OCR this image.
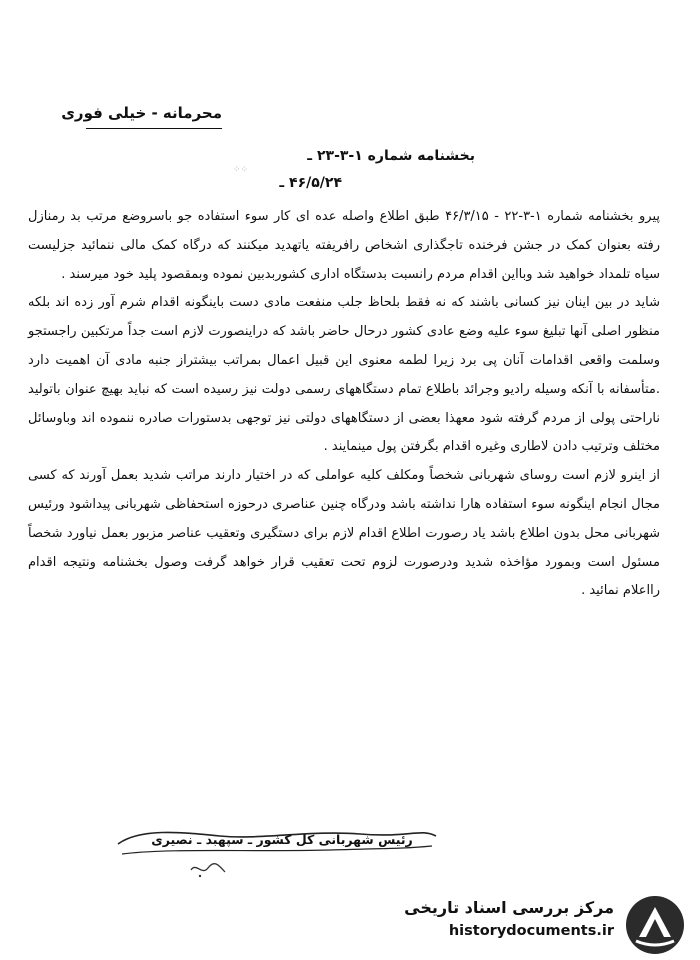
محرمانه - خیلی فوری
بخشنامه شماره ۱-۳-۲۳ ـ
۴۶/۵/۲۴ ـ
⁘⁘

پیرو بخشنامه شماره ۱-۳-۲۲ - ۴۶/۳/۱۵ طبق اطلاع واصله عده ای کار سوء استفاده جو باسروضع مرتب بد رمنازل رفته بعنوان کمک در جشن فرخنده تاجگذاری اشخاص رافریفته یاتهدید میکنند که درگاه کمک مالی ننمائید جزلیست سیاه تلمداد خواهید شد وبااین اقدام مردم رانسبت بدستگاه اداری کشوربدبین نموده وبمقصود پلید خود میرسند .

شاید در بین اینان نیز کسانی باشند که نه فقط بلحاظ جلب منفعت مادی دست باینگونه اقدام شرم آور زده اند بلکه منظور اصلی آنها تبلیغ سوء علیه وضع عادی کشور درحال حاضر باشد که دراینصورت لازم است جداً مرتکبین راجستجو وسلمت واقعی اقدامات آنان پی برد زیرا لطمه معنوی این قبیل اعمال بمراتب بیشتراز جنبه مادی آن اهمیت دارد .متأسفانه با آنکه وسیله رادیو وجرائد باطلاع تمام دستگاههای رسمی دولت نیز رسیده است که نباید بهیچ عنوان باتولید ناراحتی پولی از مردم گرفته شود معهذا بعضی از دستگاههای دولتی نیز توجهی بدستورات صادره ننموده اند وباوسائل مختلف وترتیب دادن لاطاری وغیره اقدام بگرفتن پول مینمایند .

از اینرو لازم است روسای شهربانی شخصاً ومکلف کلیه عواملی که در اختیار دارند مراتب شدید بعمل آورند که کسی مجال انجام اینگونه سوء استفاده هارا نداشته باشد ودرگاه چنین عناصری درحوزه استحفاظی شهربانی پیداشود ورئیس شهربانی محل بدون اطلاع باشد یاد رصورت اطلاع اقدام لازم برای دستگیری وتعقیب عناصر مزبور بعمل نیاورد شخصاً مسئول است وبمورد مؤاخذه شدید ودرصورت لزوم تحت تعقیب قرار خواهد گرفت وصول بخشنامه ونتیجه اقدام رااعلام نمائید .

رئیس شهربانی کل کشور ـ سپهبد ـ نصیری
مرکز بررسی اسناد تاریخی
historydocuments.ir
